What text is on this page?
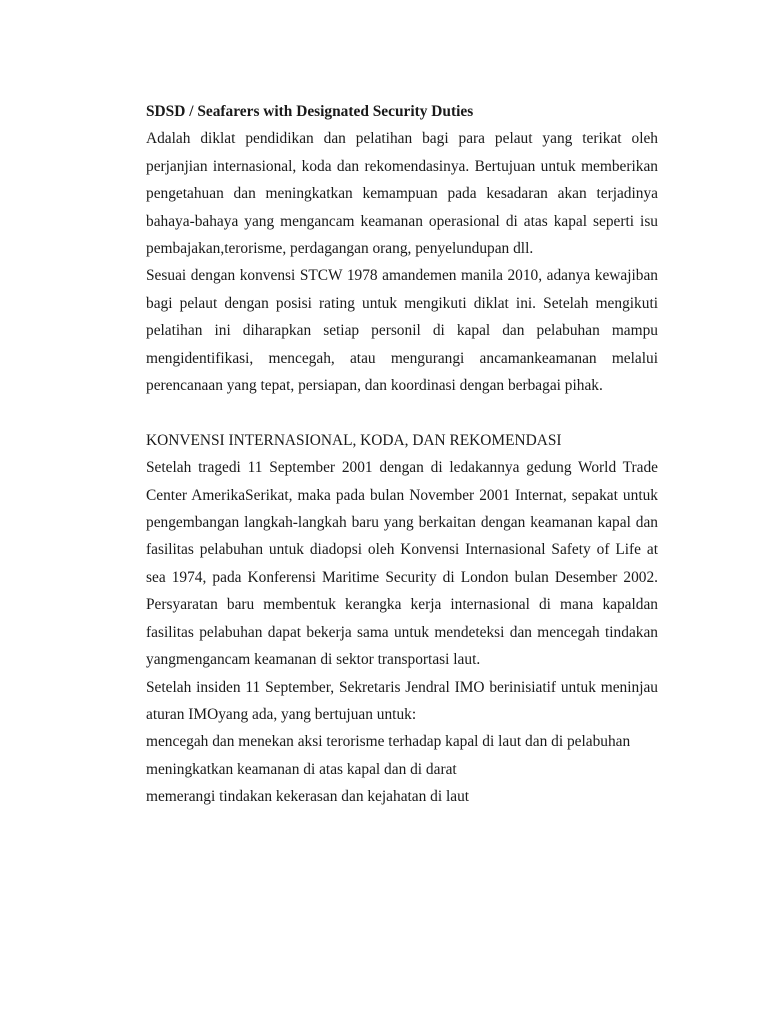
SDSD / Seafarers with Designated Security Duties

Adalah diklat pendidikan dan pelatihan bagi para pelaut yang terikat oleh perjanjian internasional, koda dan rekomendasinya. Bertujuan untuk memberikan pengetahuan dan meningkatkan kemampuan pada kesadaran akan terjadinya bahaya-bahaya yang mengancam keamanan operasional di atas kapal seperti isu pembajakan,terorisme, perdagangan orang, penyelundupan dll.

Sesuai dengan konvensi STCW 1978 amandemen manila 2010, adanya kewajiban bagi pelaut dengan posisi rating untuk mengikuti diklat ini. Setelah mengikuti pelatihan ini diharapkan setiap personil di kapal dan pelabuhan mampu mengidentifikasi, mencegah, atau mengurangi ancamankeamanan melalui perencanaan yang tepat, persiapan, dan koordinasi dengan berbagai pihak.

KONVENSI INTERNASIONAL, KODA, DAN REKOMENDASI

Setelah tragedi 11 September 2001 dengan di ledakannya gedung World Trade Center AmerikaSerikat, maka pada bulan November 2001 Internat, sepakat untuk pengembangan langkah-langkah baru yang berkaitan dengan keamanan kapal dan fasilitas pelabuhan untuk diadopsi oleh Konvensi Internasional Safety of Life at sea 1974, pada Konferensi Maritime Security di London bulan Desember 2002. Persyaratan baru membentuk kerangka kerja internasional di mana kapaldan fasilitas pelabuhan dapat bekerja sama untuk mendeteksi dan mencegah tindakan yangmengancam keamanan di sektor transportasi laut.

Setelah insiden 11 September, Sekretaris Jendral IMO berinisiatif untuk meninjau aturan IMOyang ada, yang bertujuan untuk:

mencegah dan menekan aksi terorisme terhadap kapal di laut dan di pelabuhan

meningkatkan keamanan di atas kapal dan di darat

memerangi tindakan kekerasan dan kejahatan di laut
